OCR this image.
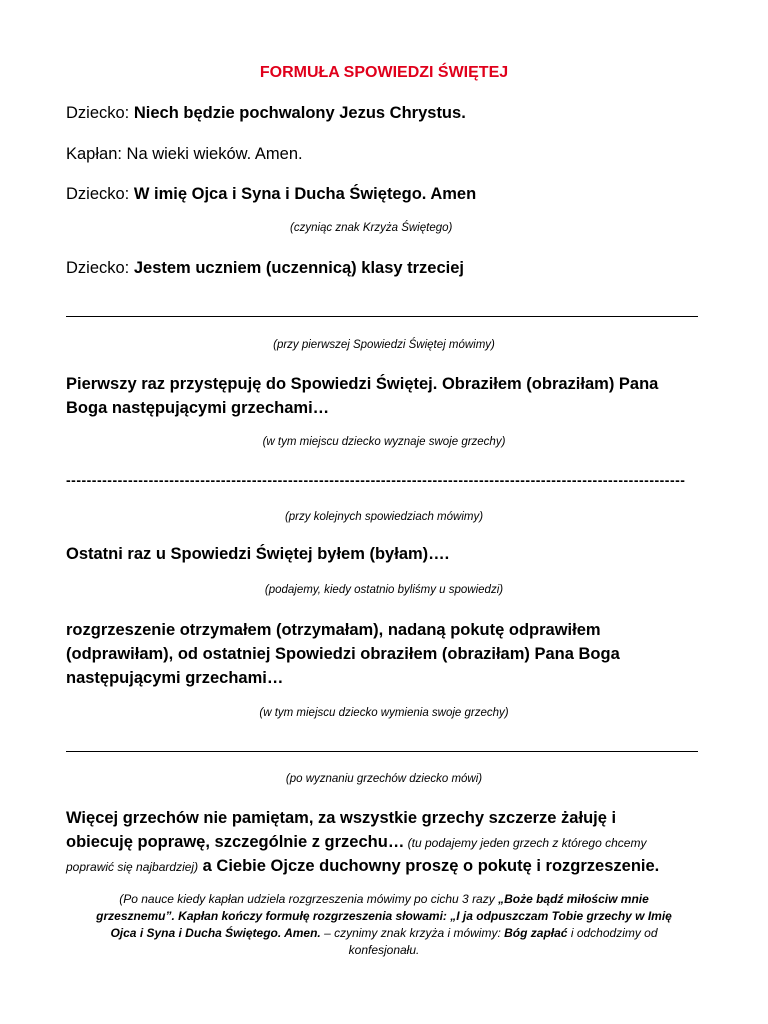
FORMUŁA SPOWIEDZI ŚWIĘTEJ
Dziecko: Niech będzie pochwalony Jezus Chrystus.
Kapłan: Na wieki wieków. Amen.
Dziecko: W imię Ojca i Syna i Ducha Świętego. Amen
(czyniąc znak Krzyża Świętego)
Dziecko: Jestem uczniem (uczennicą) klasy trzeciej
(przy pierwszej Spowiedzi Świętej mówimy)
Pierwszy raz przystępuję do Spowiedzi Świętej. Obraziłem (obraziłam) Pana
Boga następującymi grzechami…
(w tym miejscu dziecko wyznaje swoje grzechy)
------------------------------------------------------------------------------------------------------------------------
(przy kolejnych spowiedziach mówimy)
Ostatni raz u Spowiedzi Świętej byłem (byłam)….
(podajemy, kiedy ostatnio byliśmy u spowiedzi)
rozgrzeszenie otrzymałem (otrzymałam), nadaną pokutę odprawiłem
(odprawiłam), od ostatniej Spowiedzi obraziłem (obraziłam) Pana Boga
następującymi grzechami…
(w tym miejscu dziecko wymienia swoje grzechy)
(po wyznaniu grzechów dziecko mówi)
Więcej grzechów nie pamiętam, za wszystkie grzechy szczerze żałuję i
obiecuję poprawę, szczególnie z grzechu… (tu podajemy jeden grzech z którego chcemy
poprawić się najbardziej) a Ciebie Ojcze duchowny proszę o pokutę i rozgrzeszenie.
(Po nauce kiedy kapłan udziela rozgrzeszenia mówimy po cichu 3 razy „Boże bądź miłościw mnie
grzesznemu”. Kapłan kończy formułę rozgrzeszenia słowami: „I ja odpuszczam Tobie grzechy w Imię
Ojca i Syna i Ducha Świętego. Amen. – czynimy znak krzyża i mówimy: Bóg zapłać i odchodzimy od
konfesjonału.
